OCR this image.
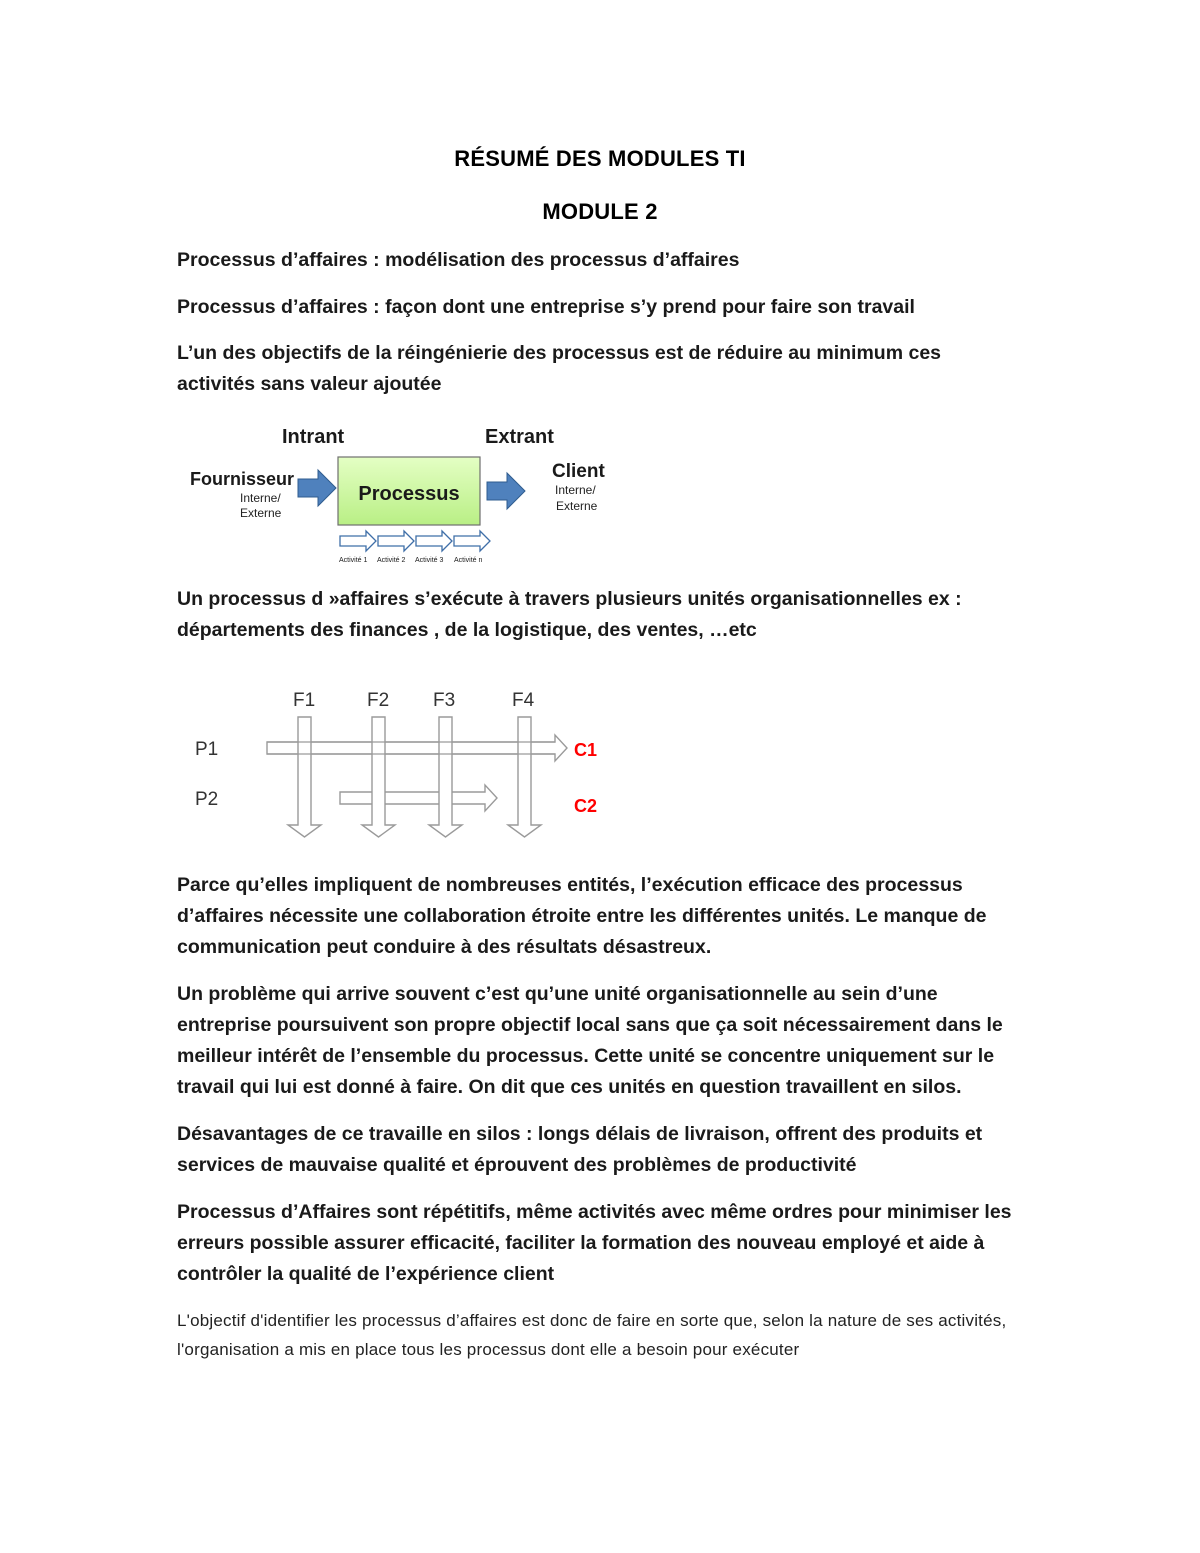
RÉSUMÉ DES MODULES TI
MODULE 2
Processus d’affaires : modélisation des processus d’affaires
Processus d’affaires : façon dont une entreprise s’y prend pour faire son travail
L’un des objectifs de la réingénierie des processus est de réduire au minimum ces activités sans valeur ajoutée
Intrant	Extrant
Fournisseur
Interne/
Externe
Processus
Client
Interne/
Externe
Activité 1 Activité 2 Activité 3 Activité n
Un processus d »affaires s’exécute à travers plusieurs unités organisationnelles ex : départements des finances , de la logistique, des ventes, …etc
F1	F2 F3	F4
P1
P2
C1
C2
Parce qu’elles impliquent de nombreuses entités, l’exécution efficace des processus d’affaires nécessite une collaboration étroite entre les différentes unités. Le manque de communication peut conduire à des résultats désastreux.
Un problème qui arrive souvent c’est qu’une unité organisationnelle au sein d’une entreprise poursuivent son propre objectif local sans que ça soit nécessairement dans le meilleur intérêt de l’ensemble du processus. Cette unité se concentre uniquement sur le travail qui lui est donné à faire. On dit que ces unités en question travaillent en silos.
Désavantages de ce travaille en silos : longs délais de livraison, offrent des produits et services de mauvaise qualité et éprouvent des problèmes de productivité
Processus d’Affaires sont répétitifs, même activités avec même ordres pour minimiser les erreurs possible assurer efficacité, faciliter la formation des nouveau employé et aide à contrôler la qualité de l’expérience client
L'objectif d'identifier les processus d’affaires est donc de faire en sorte que, selon la nature de ses activités, l'organisation a mis en place tous les processus dont elle a besoin pour exécuter
